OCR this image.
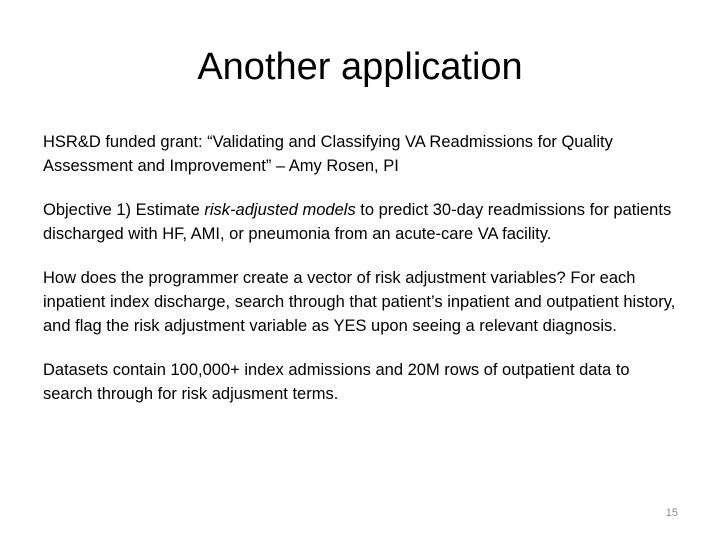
Another application

HSR&D funded grant: “Validating and Classifying VA Readmissions for Quality Assessment and Improvement” – Amy Rosen, PI

Objective 1) Estimate risk-adjusted models to predict 30-day readmissions for patients discharged with HF, AMI, or pneumonia from an acute-care VA facility.

How does the programmer create a vector of risk adjustment variables? For each inpatient index discharge, search through that patient’s inpatient and outpatient history, and flag the risk adjustment variable as YES upon seeing a relevant diagnosis.

Datasets contain 100,000+ index admissions and 20M rows of outpatient data to search through for risk adjusment terms.

15
